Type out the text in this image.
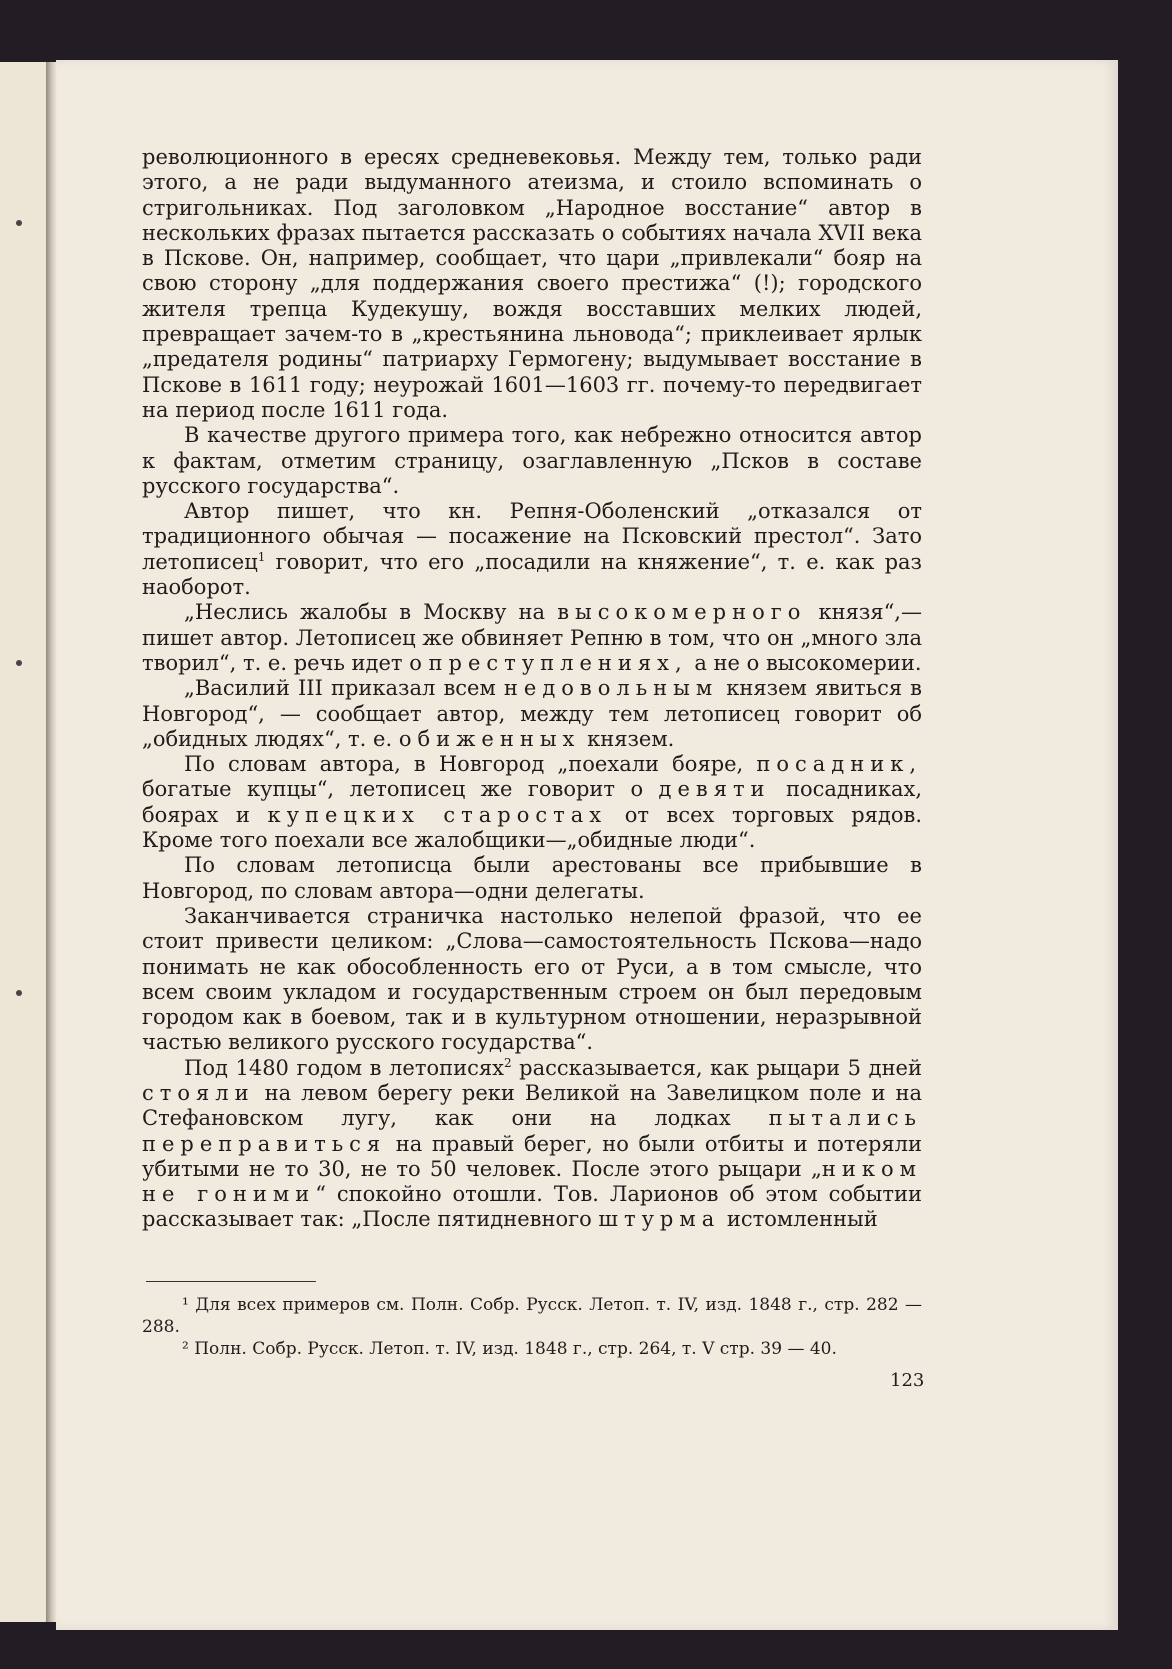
революционного в ересях средневековья. Между тем, только ради этого, а не ради выдуманного атеизма, и стоило вспоминать о стригольниках. Под заголовком „Народное восстание“ автор в нескольких фразах пытается рассказать о событиях начала XVII века в Пскове. Он, например, сообщает, что цари „привлекали“ бояр на свою сторону „для поддержания своего престижа“ (!); городского жителя трепца Кудекушу, вождя восставших мелких людей, превращает зачем-то в „крестьянина льновода“; приклеивает ярлык „предателя родины“ патриарху Гермогену; выдумывает восстание в Пскове в 1611 году; неурожай 1601—1603 гг. почему-то передвигает на период после 1611 года.

В качестве другого примера того, как небрежно относится автор к фактам, отметим страницу, озаглавленную „Псков в составе русского государства“.

Автор пишет, что кн. Репня-Оболенский „отказался от традиционного обычая — посажение на Псковский престол“. Зато летописец$^1$ говорит, что его „посадили на княжение“, т. е. как раз наоборот.

„Неслись жалобы в Москву на высокомерного князя“,— пишет автор. Летописец же обвиняет Репню в том, что он „много зла творил“, т. е. речь идет о преступлениях, а не о высокомерии.

„Василий III приказал всем недовольным князем явиться в Новгород“, — сообщает автор, между тем летописец говорит об „обидных людях“, т. е. обиженных князем.

По словам автора, в Новгород „поехали бояре, посадник, богатые купцы“, летописец же говорит о девяти посадниках, боярах и купецких старостах от всех торговых рядов. Кроме того поехали все жалобщики—„обидные люди“.

По словам летописца были арестованы все прибывшие в Новгород, по словам автора—одни делегаты.

Заканчивается страничка настолько нелепой фразой, что ее стоит привести целиком: „Слова—самостоятельность Пскова—надо понимать не как обособленность его от Руси, а в том смысле, что всем своим укладом и государственным строем он был передовым городом как в боевом, так и в культурном отношении, неразрывной частью великого русского государства“.

Под 1480 годом в летописях$^2$ рассказывается, как рыцари 5 дней стояли на левом берегу реки Великой на Завелицком поле и на Стефановском лугу, как они на лодках пытались переправиться на правый берег, но были отбиты и потеряли убитыми не то 30, не то 50 человек. После этого рыцари „ником не гоними“ спокойно отошли. Тов. Ларионов об этом событии рассказывает так: „После пятидневного штурма истомленный

¹ Для всех примеров см. Полн. Собр. Русск. Летоп. т. IV, изд. 1848 г., стр. 282 — 288.

² Полн. Собр. Русск. Летоп. т. IV, изд. 1848 г., стр. 264, т. V стр. 39 — 40.

123
